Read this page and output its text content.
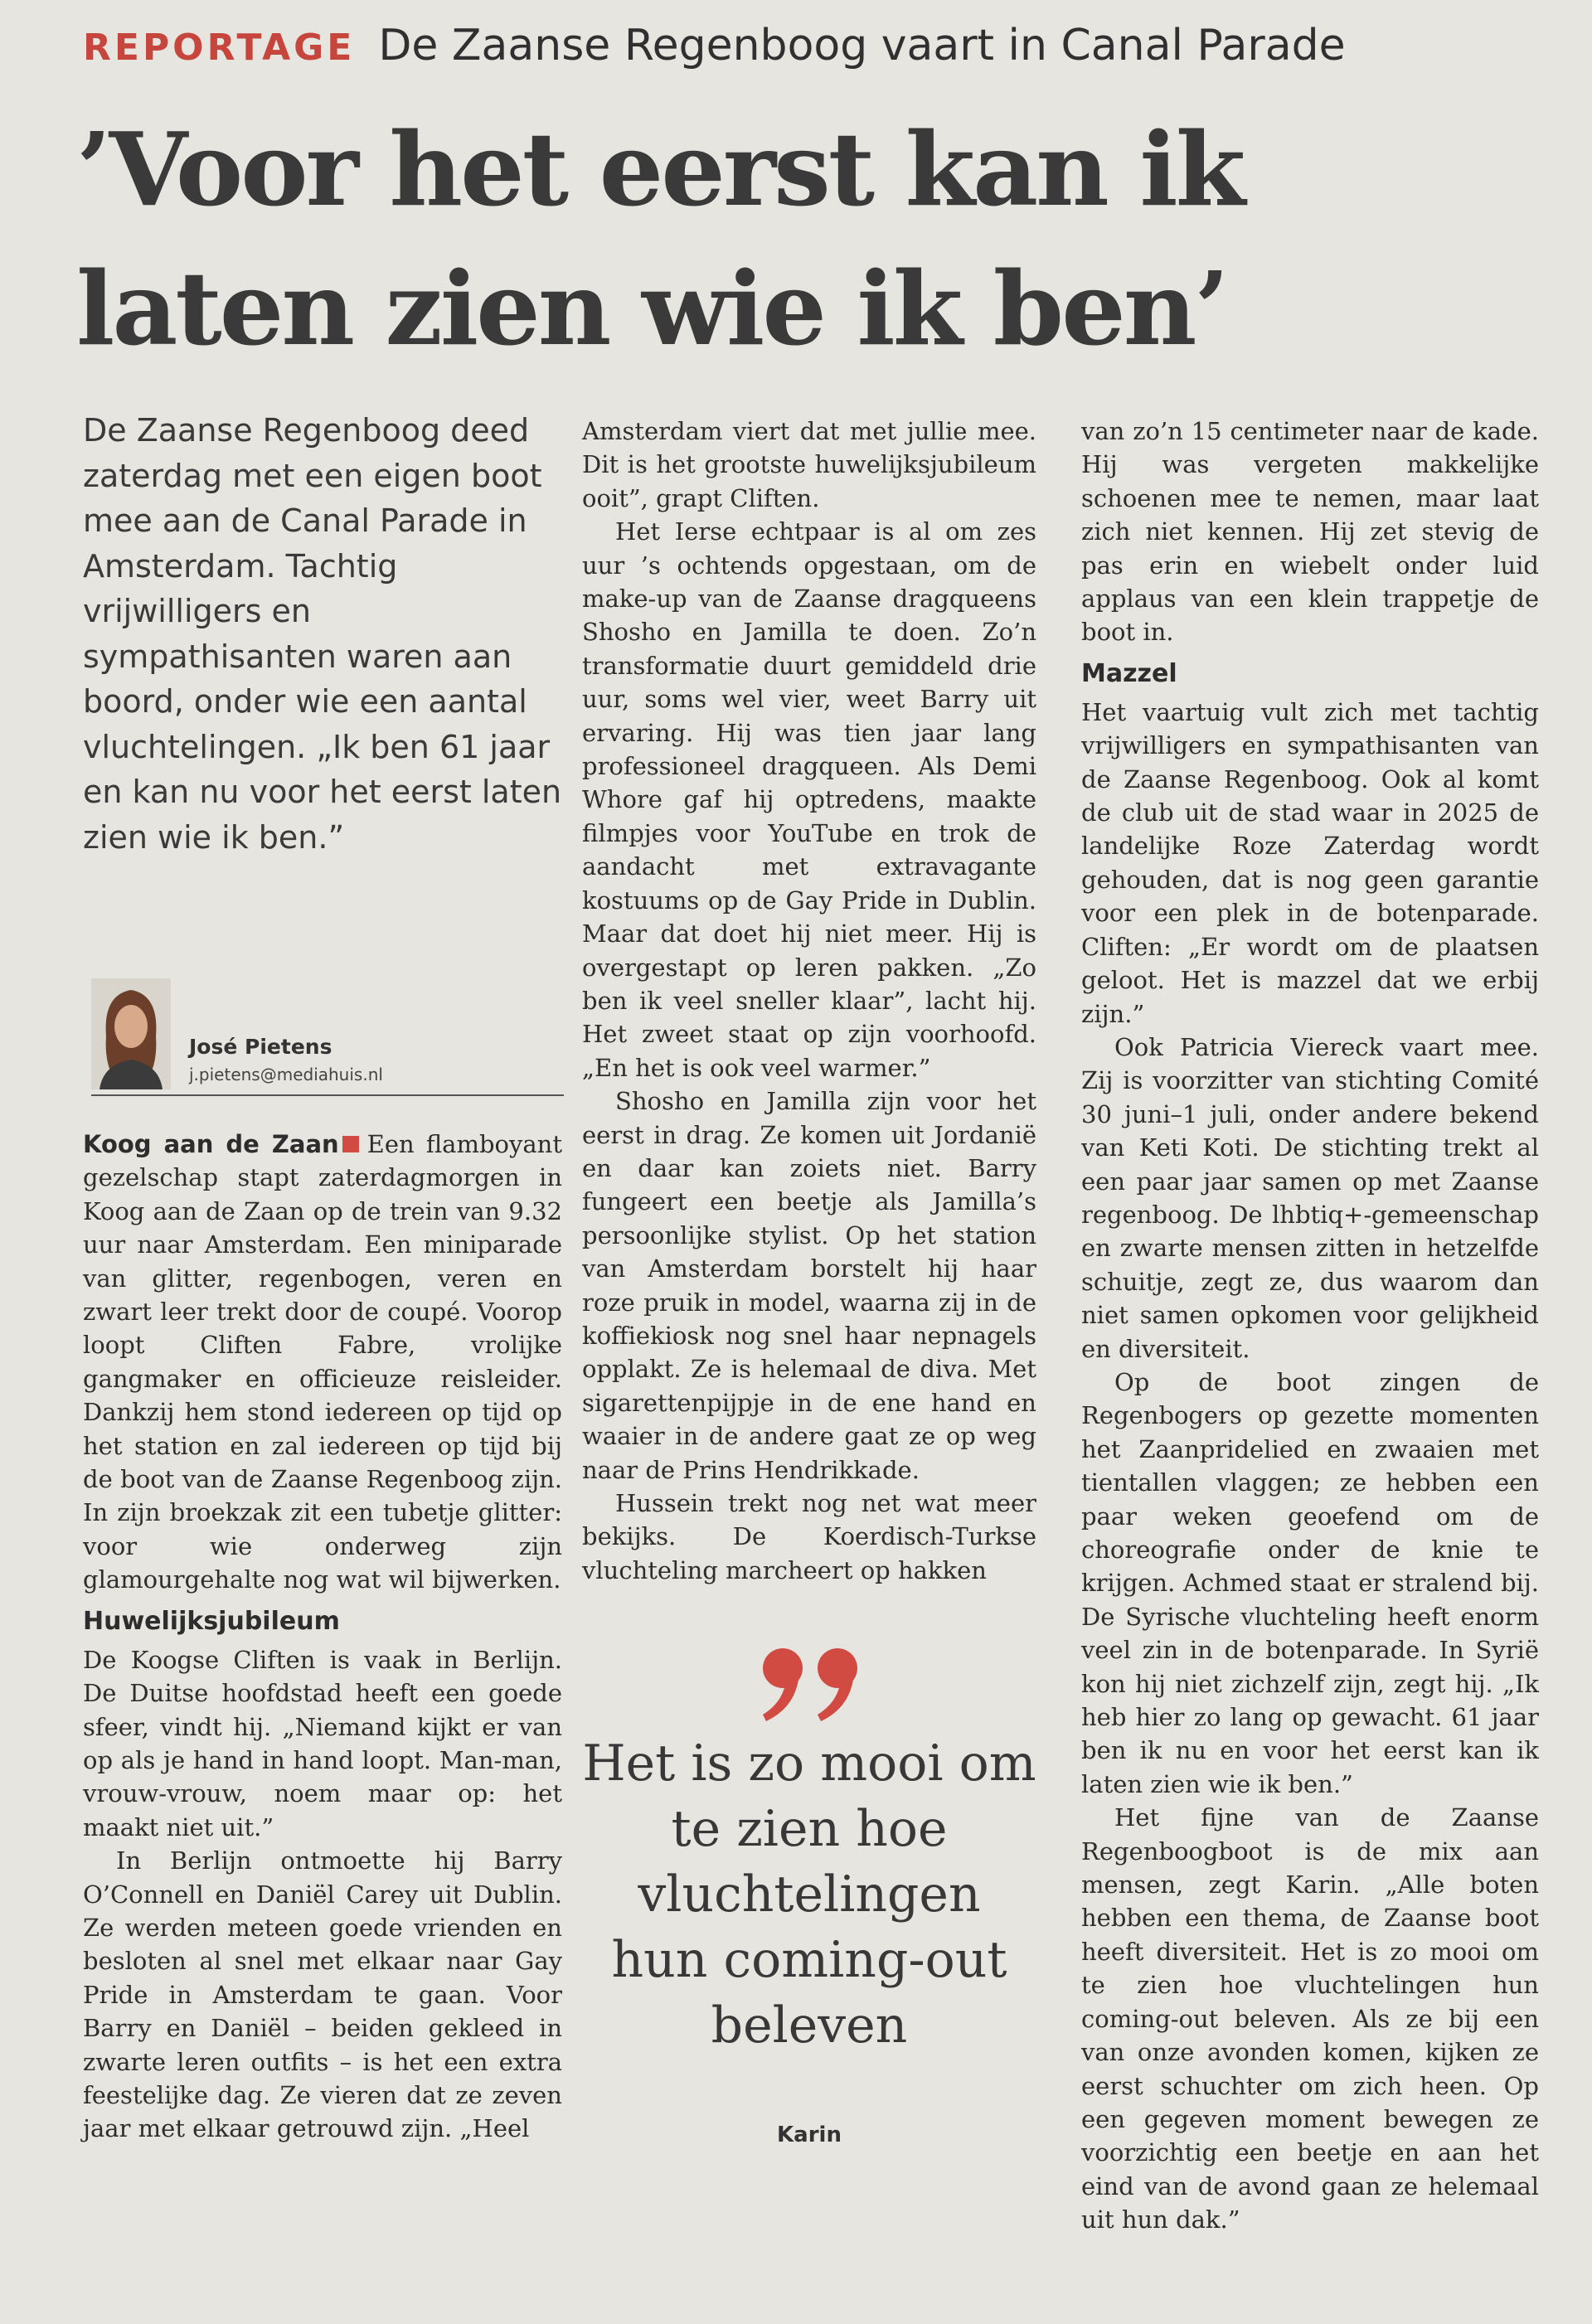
REPORTAGE De Zaanse Regenboog vaart in Canal Parade
’Voor het eerst kan ik
laten zien wie ik ben’

De Zaanse Regenboog deed zaterdag met een eigen boot mee aan de Canal Parade in Amsterdam. Tachtig vrijwilligers en sympathisanten waren aan boord, onder wie een aantal vluchtelingen. „Ik ben 61 jaar en kan nu voor het eerst laten zien wie ik ben.”

José Pietens
j.pietens@mediahuis.nl

Koog aan de Zaan Een flamboyant gezelschap stapt zaterdagmorgen in Koog aan de Zaan op de trein van 9.32 uur naar Amsterdam. Een miniparade van glitter, regenbogen, veren en zwart leer trekt door de coupé. Voorop loopt Cliften Fabre, vrolijke gangmaker en officieuze reisleider. Dankzij hem stond iedereen op tijd op het station en zal iedereen op tijd bij de boot van de Zaanse Regenboog zijn. In zijn broekzak zit een tubetje glitter: voor wie onderweg zijn glamourgehalte nog wat wil bijwerken.

Huwelijksjubileum

De Koogse Cliften is vaak in Berlijn. De Duitse hoofdstad heeft een goede sfeer, vindt hij. „Niemand kijkt er van op als je hand in hand loopt. Man-man, vrouw-vrouw, noem maar op: het maakt niet uit.”

In Berlijn ontmoette hij Barry O’Connell en Daniël Carey uit Dublin. Ze werden meteen goede vrienden en besloten al snel met elkaar naar Gay Pride in Amsterdam te gaan. Voor Barry en Daniël – beiden gekleed in zwarte leren outfits – is het een extra feestelijke dag. Ze vieren dat ze zeven jaar met elkaar getrouwd zijn. „Heel

Amsterdam viert dat met jullie mee. Dit is het grootste huwelijksjubileum ooit”, grapt Cliften.

Het Ierse echtpaar is al om zes uur ’s ochtends opgestaan, om de make-up van de Zaanse dragqueens Shosho en Jamilla te doen. Zo’n transformatie duurt gemiddeld drie uur, soms wel vier, weet Barry uit ervaring. Hij was tien jaar lang professioneel dragqueen. Als Demi Whore gaf hij optredens, maakte filmpjes voor YouTube en trok de aandacht met extravagante kostuums op de Gay Pride in Dublin. Maar dat doet hij niet meer. Hij is overgestapt op leren pakken. „Zo ben ik veel sneller klaar”, lacht hij. Het zweet staat op zijn voorhoofd. „En het is ook veel warmer.”

Shosho en Jamilla zijn voor het eerst in drag. Ze komen uit Jordanië en daar kan zoiets niet. Barry fungeert een beetje als Jamilla’s persoonlijke stylist. Op het station van Amsterdam borstelt hij haar roze pruik in model, waarna zij in de koffiekiosk nog snel haar nepnagels opplakt. Ze is helemaal de diva. Met sigarettenpijpje in de ene hand en waaier in de andere gaat ze op weg naar de Prins Hendrikkade.

Hussein trekt nog net wat meer bekijks. De Koerdisch-Turkse vluchteling marcheert op hakken

Het is zo mooi om te zien hoe vluchtelingen hun coming-out beleven

Karin

van zo’n 15 centimeter naar de kade. Hij was vergeten makkelijke schoenen mee te nemen, maar laat zich niet kennen. Hij zet stevig de pas erin en wiebelt onder luid applaus van een klein trappetje de boot in.

Mazzel

Het vaartuig vult zich met tachtig vrijwilligers en sympathisanten van de Zaanse Regenboog. Ook al komt de club uit de stad waar in 2025 de landelijke Roze Zaterdag wordt gehouden, dat is nog geen garantie voor een plek in de botenparade. Cliften: „Er wordt om de plaatsen geloot. Het is mazzel dat we erbij zijn.”

Ook Patricia Viereck vaart mee. Zij is voorzitter van stichting Comité 30 juni–1 juli, onder andere bekend van Keti Koti. De stichting trekt al een paar jaar samen op met Zaanse regenboog. De lhbtiq+-gemeenschap en zwarte mensen zitten in hetzelfde schuitje, zegt ze, dus waarom dan niet samen opkomen voor gelijkheid en diversiteit.

Op de boot zingen de Regenbogers op gezette momenten het Zaanpridelied en zwaaien met tientallen vlaggen; ze hebben een paar weken geoefend om de choreografie onder de knie te krijgen. Achmed staat er stralend bij. De Syrische vluchteling heeft enorm veel zin in de botenparade. In Syrië kon hij niet zichzelf zijn, zegt hij. „Ik heb hier zo lang op gewacht. 61 jaar ben ik nu en voor het eerst kan ik laten zien wie ik ben.”

Het fijne van de Zaanse Regenboogboot is de mix aan mensen, zegt Karin. „Alle boten hebben een thema, de Zaanse boot heeft diversiteit. Het is zo mooi om te zien hoe vluchtelingen hun coming-out beleven. Als ze bij een van onze avonden komen, kijken ze eerst schuchter om zich heen. Op een gegeven moment bewegen ze voorzichtig een beetje en aan het eind van de avond gaan ze helemaal uit hun dak.”
